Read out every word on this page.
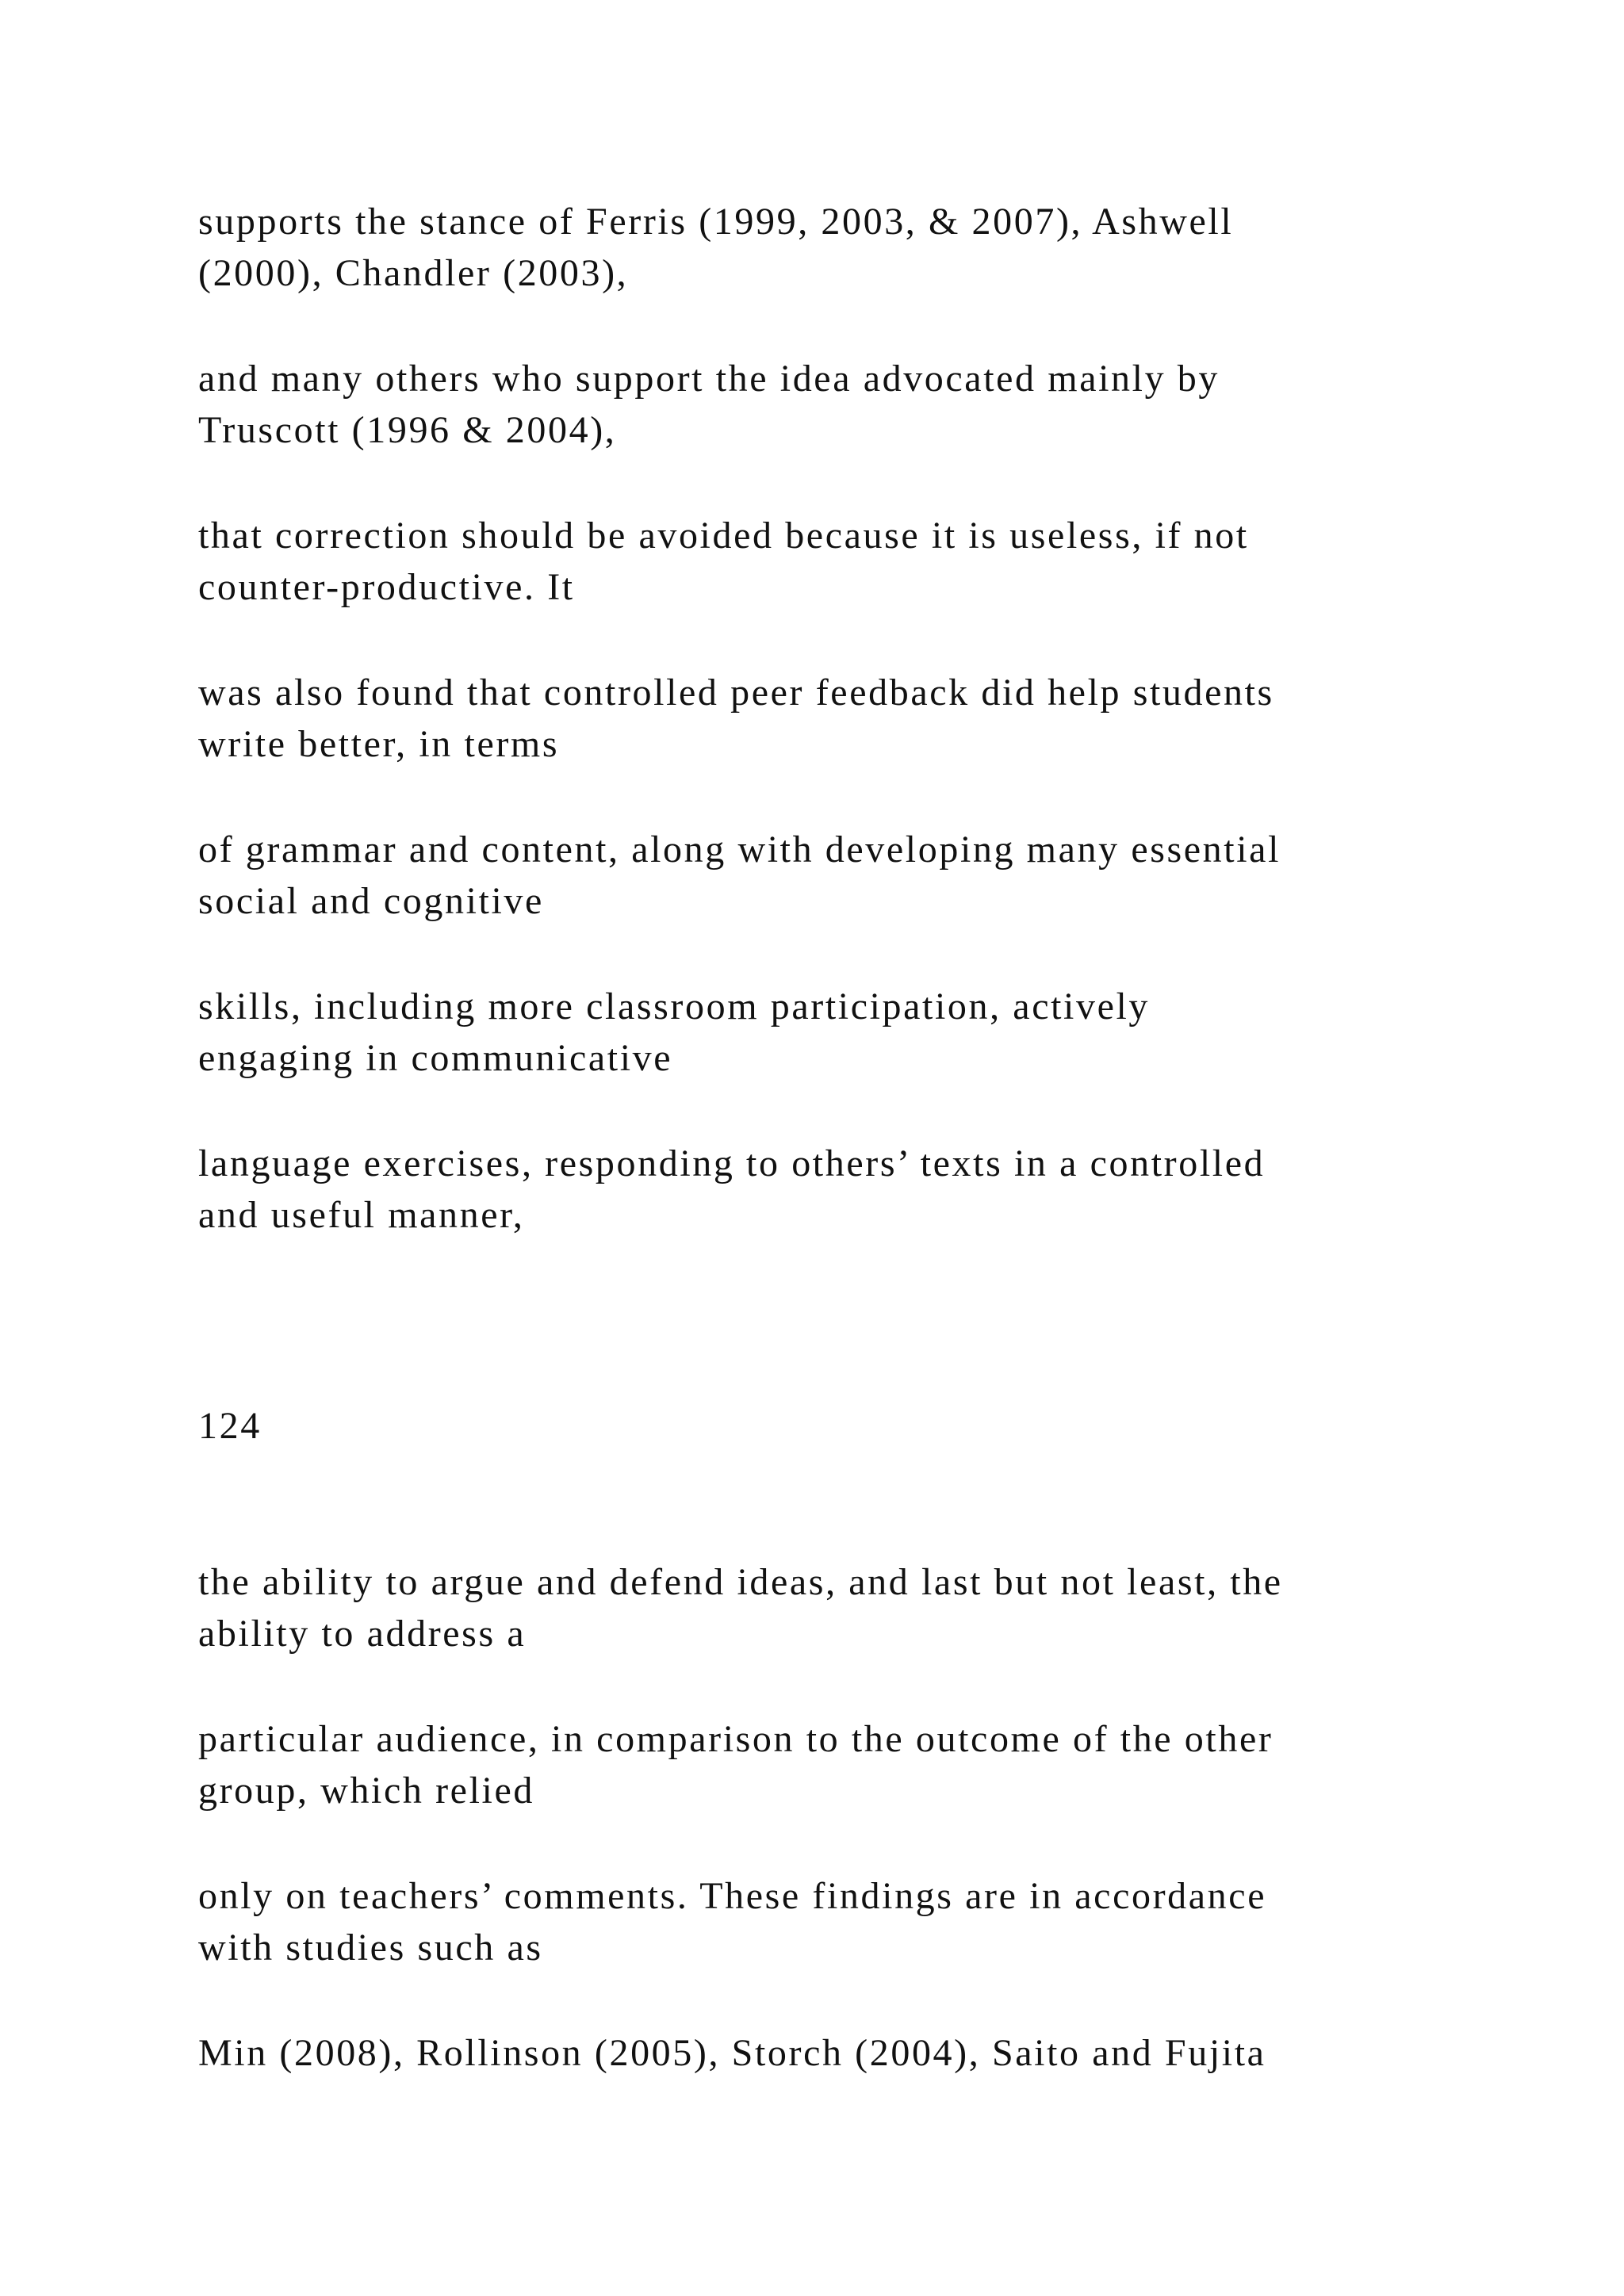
supports the stance of Ferris (1999, 2003, & 2007), Ashwell
(2000), Chandler (2003),

and many others who support the idea advocated mainly by
Truscott (1996 & 2004),

that correction should be avoided because it is useless, if not
counter-productive. It

was also found that controlled peer feedback did help students
write better, in terms

of grammar and content, along with developing many essential
social and cognitive

skills, including more classroom participation, actively
engaging in communicative

language exercises, responding to others’ texts in a controlled
and useful manner,

124

the ability to argue and defend ideas, and last but not least, the
ability to address a

particular audience, in comparison to the outcome of the other
group, which relied

only on teachers’ comments. These findings are in accordance
with studies such as

Min (2008), Rollinson (2005), Storch (2004), Saito and Fujita
